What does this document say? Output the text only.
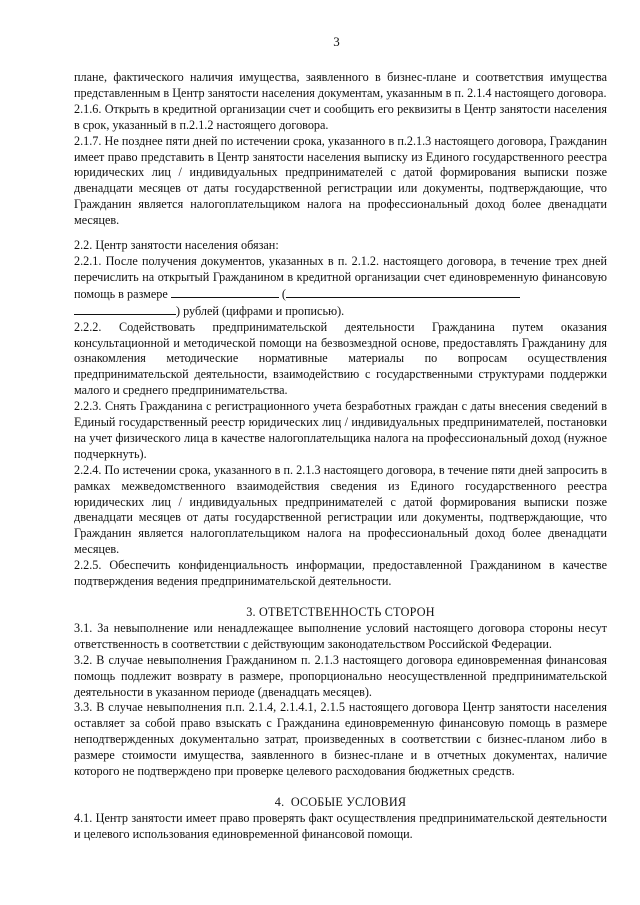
3

плане, фактического наличия имущества, заявленного в бизнес-плане и соответствия имущества представленным в Центр занятости населения документам, указанным в п. 2.1.4 настоящего договора.

2.1.6. Открыть в кредитной организации счет и сообщить его реквизиты в Центр занятости населения в срок, указанный в п.2.1.2 настоящего договора.

2.1.7. Не позднее пяти дней по истечении срока, указанного в п.2.1.3 настоящего договора, Гражданин имеет право представить в Центр занятости населения выписку из Единого государственного реестра юридических лиц / индивидуальных предпринимателей с датой формирования выписки позже двенадцати месяцев от даты государственной регистрации или документы, подтверждающие, что Гражданин является налогоплательщиком налога на профессиональный доход более двенадцати месяцев.

2.2. Центр занятости населения обязан:

2.2.1. После получения документов, указанных в п. 2.1.2. настоящего договора, в течение трех дней перечислить на открытый Гражданином в кредитной организации счет единовременную финансовую помощь в размере	(
) рублей (цифрами и прописью).

2.2.2. Содействовать предпринимательской деятельности Гражданина путем оказания консультационной и методической помощи на безвозмездной основе, предоставлять Гражданину для ознакомления методические нормативные материалы по вопросам осуществления предпринимательской деятельности, взаимодействию с государственными структурами поддержки малого и среднего предпринимательства.

2.2.3. Снять Гражданина с регистрационного учета безработных граждан с даты внесения сведений в Единый государственный реестр юридических лиц / индивидуальных предпринимателей, постановки на учет физического лица в качестве налогоплательщика налога на профессиональный доход (нужное подчеркнуть).

2.2.4. По истечении срока, указанного в п. 2.1.3 настоящего договора, в течение пяти дней запросить в рамках межведомственного взаимодействия сведения из Единого государственного реестра юридических лиц / индивидуальных предпринимателей с датой формирования выписки позже двенадцати месяцев от даты государственной регистрации или документы, подтверждающие, что Гражданин является налогоплательщиком налога на профессиональный доход более двенадцати месяцев.

2.2.5. Обеспечить конфиденциальность информации, предоставленной Гражданином в качестве подтверждения ведения предпринимательской деятельности.

3. ОТВЕТСТВЕННОСТЬ СТОРОН

3.1. За невыполнение или ненадлежащее выполнение условий настоящего договора стороны несут ответственность в соответствии с действующим законодательством Российской Федерации.

3.2. В случае невыполнения Гражданином п. 2.1.3 настоящего договора единовременная финансовая помощь подлежит возврату в размере, пропорционально неосуществленной предпринимательской деятельности в указанном периоде (двенадцать месяцев).

3.3. В случае невыполнения п.п. 2.1.4, 2.1.4.1, 2.1.5 настоящего договора Центр занятости населения оставляет за собой право взыскать с Гражданина единовременную финансовую помощь в размере неподтвержденных документально затрат, произведенных в соответствии с бизнес-планом либо в размере стоимости имущества, заявленного в бизнес-плане и в отчетных документах, наличие которого не подтверждено при проверке целевого расходования бюджетных средств.

4.  ОСОБЫЕ УСЛОВИЯ

4.1. Центр занятости имеет право проверять факт осуществления предпринимательской деятельности и целевого использования единовременной финансовой помощи.
